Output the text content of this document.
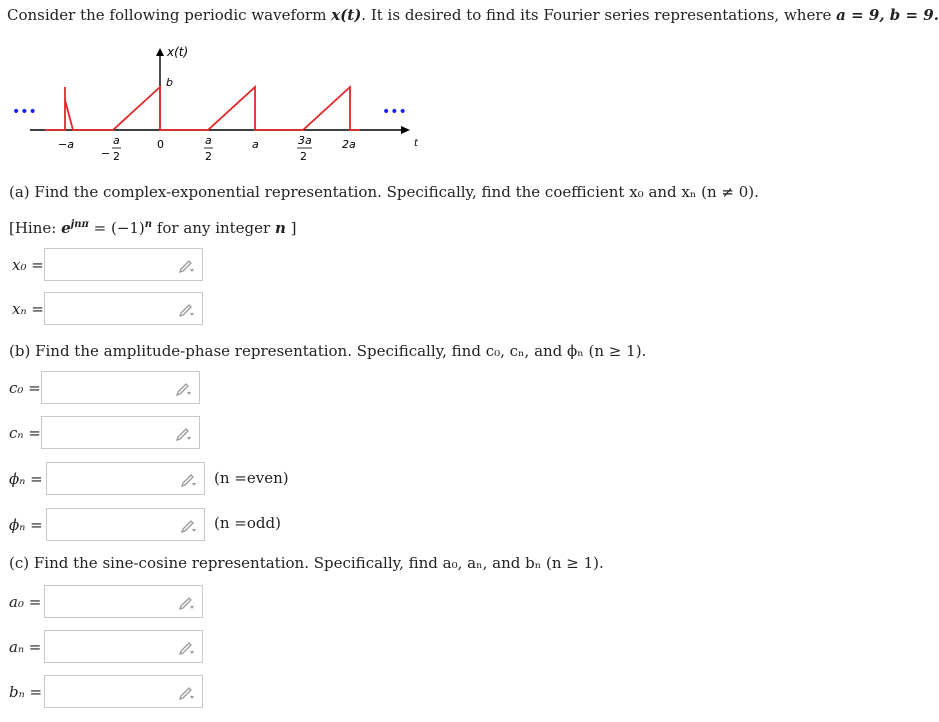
Consider the following periodic waveform x(t). It is desired to find its Fourier series representations, where a = 9, b = 9.
x(t)
b
t
•••	•••
−a
−
a
2
0	a
2
a	3a
2
2a
(a) Find the complex-exponential representation. Specifically, find the coefficient x₀ and xₙ (n ≠ 0).
[Hine: $e^{jn\pi} = (-1)^n$ for any integer n ]
x₀ =
xₙ =
(b) Find the amplitude-phase representation. Specifically, find c₀, cₙ, and ϕₙ (n ≥ 1).
c₀ =
cₙ =
ϕₙ =	(n =even)
ϕₙ =	(n =odd)
(c) Find the sine-cosine representation. Specifically, find a₀, aₙ, and bₙ (n ≥ 1).
a₀ =
aₙ =
bₙ =
